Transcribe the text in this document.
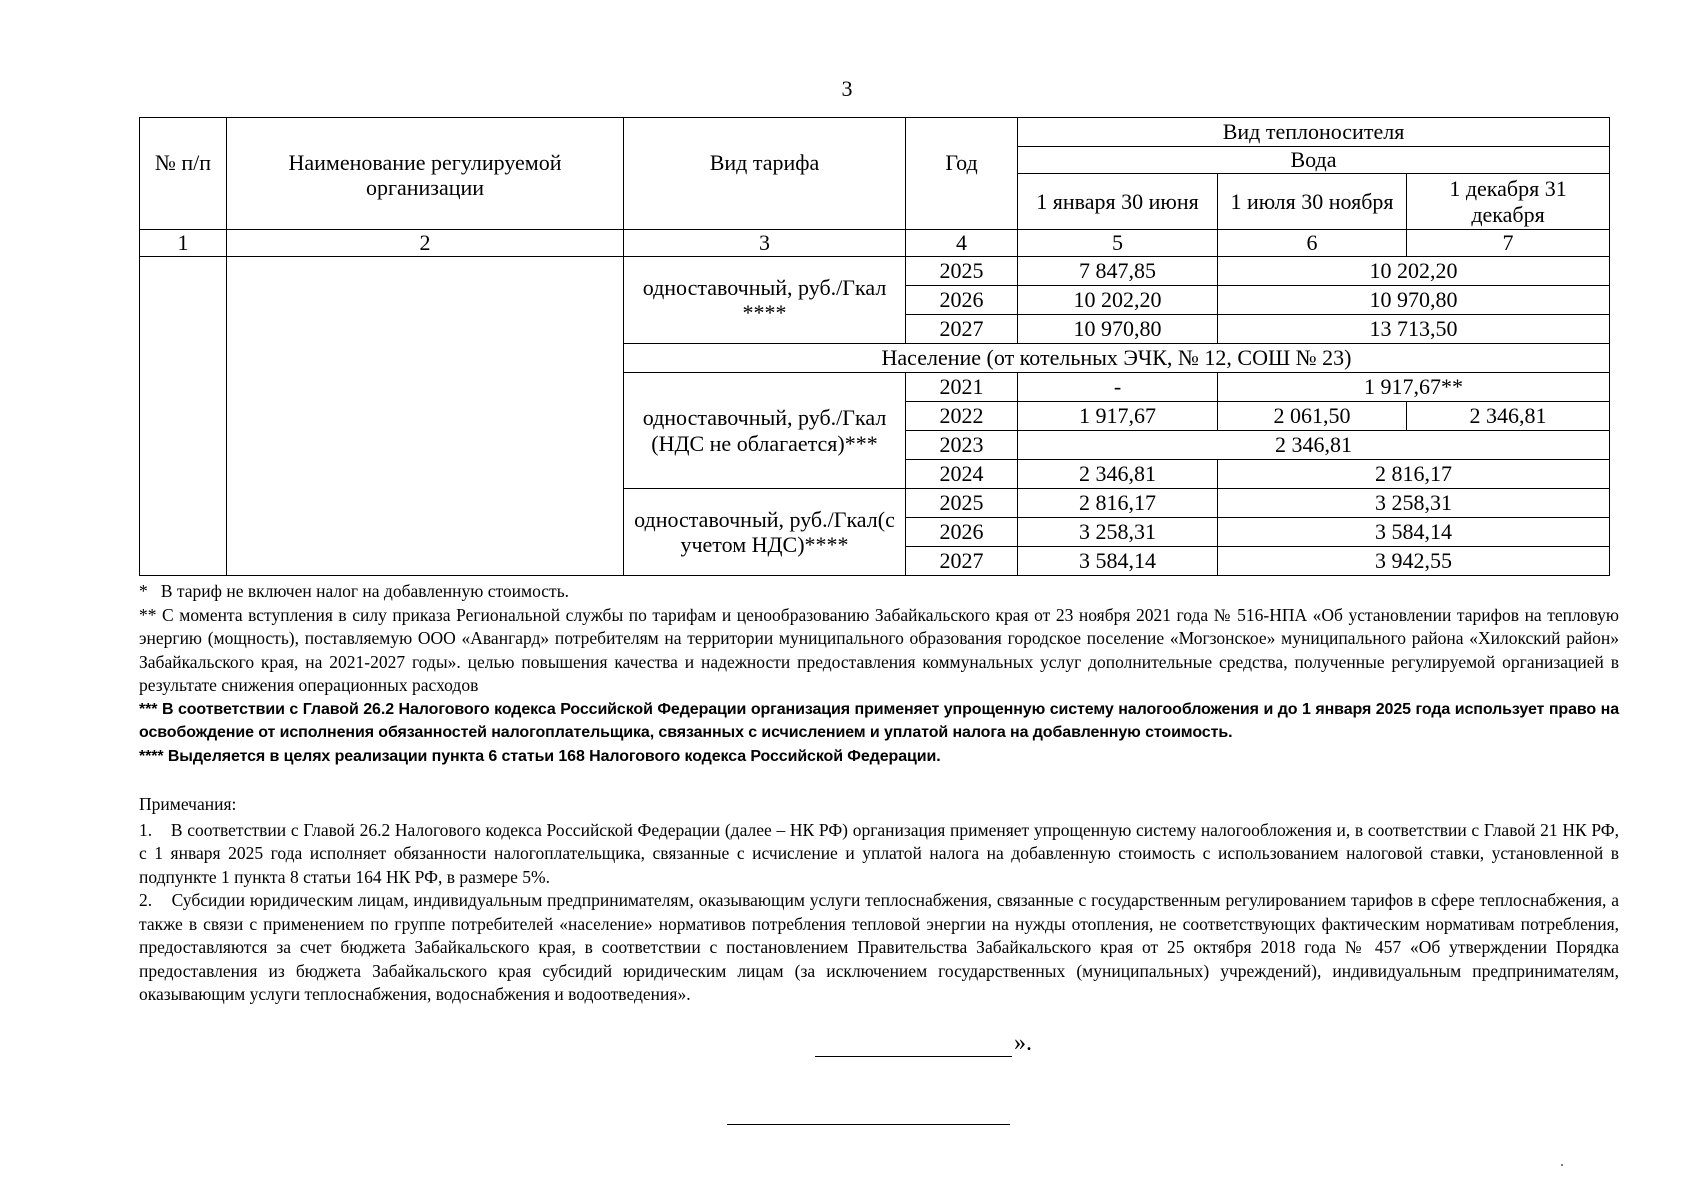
3
№ п/п	Наименование регулируемой организации	Вид тарифа	Год	Вид теплоносителя		
				Вода		
				1 января 30 июня	1 июля 30 ноября	1 декабря 31 декабря
1	2	3	4	5	6	7
		одноставочный, руб./Гкал ****	2025	7 847,85	10 202,20	
			2026	10 202,20	10 970,80	
			2027	10 970,80	13 713,50	
		Население (от котельных ЭЧК, № 12, СОШ № 23)				
		одноставочный, руб./Гкал (НДС не облагается)***	2021	-	1 917,67**	
			2022	1 917,67	2 061,50	2 346,81
			2023	2 346,81		
			2024	2 346,81	2 816,17	
		одноставочный, руб./Гкал(с учетом НДС)****	2025	2 816,17	3 258,31	
			2026	3 258,31	3 584,14	
			2027	3 584,14	3 942,55	

*   В тариф не включен налог на добавленную стоимость.

** С момента вступления в силу приказа Региональной службы по тарифам и ценообразованию Забайкальского края от 23 ноября 2021 года № 516-НПА «Об установлении тарифов на тепловую энергию (мощность), поставляемую ООО «Авангард» потребителям на территории муниципального образования городское поселение «Могзонское» муниципального района «Хилокский район» Забайкальского края, на 2021-2027 годы». целью повышения качества и надежности предоставления коммунальных услуг дополнительные средства, полученные регулируемой организацией в результате снижения операционных расходов

*** В соответствии с Главой 26.2 Налогового кодекса Российской Федерации организация применяет упрощенную систему налогообложения и до 1 января 2025 года использует право на освобождение от исполнения обязанностей налогоплательщика, связанных с исчислением и уплатой налога на добавленную стоимость.

**** Выделяется в целях реализации пункта 6 статьи 168 Налогового кодекса Российской Федерации.

Примечания:

1.    В соответствии с Главой 26.2 Налогового кодекса Российской Федерации (далее – НК РФ) организация применяет упрощенную систему налогообложения и, в соответствии с Главой 21 НК РФ, с 1 января 2025 года исполняет обязанности налогоплательщика, связанные с исчисление и уплатой налога на добавленную стоимость с использованием налоговой ставки, установленной в подпункте 1 пункта 8 статьи 164 НК РФ, в размере 5%.

2.    Субсидии юридическим лицам, индивидуальным предпринимателям, оказывающим услуги теплоснабжения, связанные с государственным регулированием тарифов в сфере теплоснабжения, а также в связи с применением по группе потребителей «население» нормативов потребления тепловой энергии на нужды отопления, не соответствующих фактическим нормативам потребления, предоставляются за счет бюджета Забайкальского края, в соответствии с постановлением Правительства Забайкальского края от 25 октября 2018 года № 457 «Об утверждении Порядка предоставления из бюджета Забайкальского края субсидий юридическим лицам (за исключением государственных (муниципальных) учреждений), индивидуальным предпринимателям, оказывающим услуги теплоснабжения, водоснабжения и водоотведения».

».
